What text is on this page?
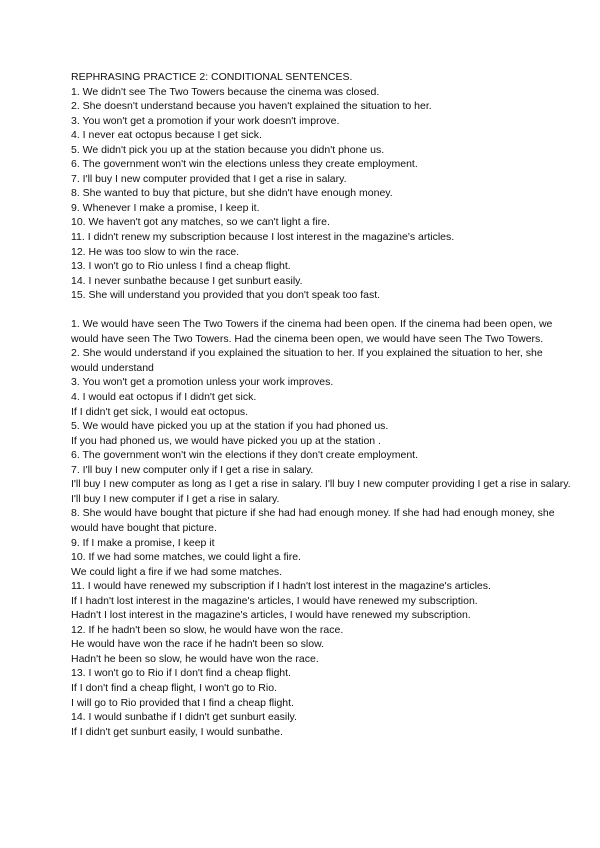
REPHRASING PRACTICE 2: CONDITIONAL SENTENCES.

1. We didn't see The Two Towers because the cinema was closed.

2. She doesn't understand because you haven't explained the situation to her.

3. You won't get a promotion if your work doesn't improve.

4. I never eat octopus because I get sick.

5. We didn't pick you up at the station because you didn't phone us.

6. The government won't win the elections unless they create employment.

7. I'll buy I new computer provided that I get a rise in salary.

8. She wanted to buy that picture, but she didn't have enough money.

9. Whenever I make a promise, I keep it.

10. We haven't got any matches, so we can't light a fire.

11. I didn't renew my subscription because I lost interest in the magazine's articles.

12. He was too slow to win the race.

13. I won't go to Rio unless I find a cheap flight.

14. I never sunbathe because I get sunburt easily.

15. She will understand you provided that you don't speak too fast.

1. We would have seen The Two Towers if the cinema had been open. If the cinema had been open, we would have seen The Two Towers. Had the cinema been open, we would have seen The Two Towers.

2. She would understand if you explained the situation to her. If you explained the situation to her, she would understand

3. You won't get a promotion unless your work improves.

4. I would eat octopus if I didn't get sick.

If I didn't get sick, I would eat octopus.

5. We would have picked you up at the station if you had phoned us.

If you had phoned us, we would have picked you up at the station .

6. The government won't win the elections if they don't create employment.

7. I'll buy I new computer only if I get a rise in salary.

I'll buy I new computer as long as I get a rise in salary. I'll buy I new computer providing I get a rise in salary. I'll buy I new computer if I get a rise in salary.

8. She would have bought that picture if she had had enough money. If she had had enough money, she would have bought that picture.

9. If I make a promise, I keep it

10. If we had some matches, we could light a fire.

We could light a fire if we had some matches.

11. I would have renewed my subscription if I hadn't lost interest in the magazine's articles.

If I hadn't lost interest in the magazine's articles, I would have renewed my subscription.

Hadn't I lost interest in the magazine's articles, I would have renewed my subscription.

12. If he hadn't been so slow, he would have won the race.

He would have won the race if he hadn't been so slow.

Hadn't he been so slow, he would have won the race.

13. I won't go to Rio if I don't find a cheap flight.

If I don't find a cheap flight, I won't go to Rio.

I will go to Rio provided that I find a cheap flight.

14. I would sunbathe if I didn't get sunburt easily.

If I didn't get sunburt easily, I would sunbathe.
